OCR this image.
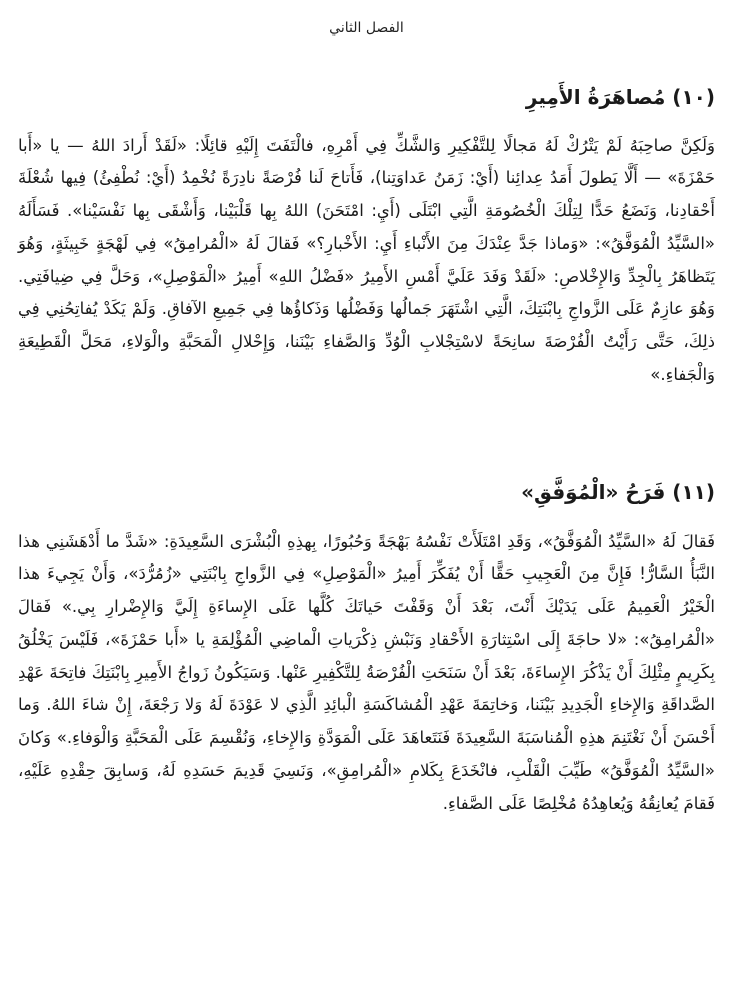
الفصل الثاني
(١٠) مُصاهَرَةُ الأَمِيرِ

وَلَكِنَّ صاحِبَهُ لَمْ يَتْرُكْ لَهُ مَجالًا لِلتَّفْكِيرِ وَالشَّكِّ فِي أَمْرِهِ، فالْتَفَتَ إِلَيْهِ قائِلًا: «لَقَدْ أَرادَ اللهُ — يا «أَبا حَمْزَةَ» — أَلَّا يَطولَ أَمَدُ عِدائِنا (أَيْ: زَمَنُ عَداوَتِنا)، فَأَتاحَ لَنا فُرْصَةً نادِرَةً نُخْمِدُ (أَيْ: نُطْفِئُ) فِيها شُعْلَةَ أَحْقادِنا، وَنَضَعُ حَدًّا لِتِلْكَ الْخُصُومَةِ الَّتِي ابْتَلَى (أَيِ: امْتَحَنَ) اللهُ بِها قَلْبَيْنا، وَأَشْقَى بِها نَفْسَيْنا». فَسَأَلَهُ «السَّيِّدُ الْمُوَفَّقُ»: «وَماذا جَدَّ عِنْدَكَ مِنَ الأَنْباءِ أَيِ: الأَخْبارِ؟» فَقالَ لَهُ «الْمُرامِقُ» فِي لَهْجَةٍ خَبِيثَةٍ، وَهُوَ يَتَظاهَرُ بِالْجِدِّ وَالإِخْلاصِ: «لَقَدْ وَفَدَ عَلَيَّ أَمْسِ الأَمِيرُ «فَضْلُ اللهِ» أَمِيرُ «الْمَوْصِلِ»، وَحَلَّ فِي ضِيافَتِي. وَهُوَ عازِمٌ عَلَى الزَّواجِ بِابْنَتِكَ، الَّتِي اشْتَهَرَ جَمالُها وَفَضْلُها وَذَكاؤُها فِي جَمِيعِ الآفاقِ. وَلَمْ يَكَدْ يُفاتِحُنِي فِي ذلِكَ، حَتَّى رَأَيْتُ الْفُرْصَةَ سانِحَةً لاسْتِجْلابِ الْوُدِّ وَالصَّفاءِ بَيْنَنا، وَإِحْلالِ الْمَحَبَّةِ والْوَلاءِ، مَحَلَّ الْقَطِيعَةِ وَالْجَفاءِ.»

(١١) فَرَحُ «الْمُوَفَّقِ»

فَقالَ لَهُ «السَّيِّدُ الْمُوَفَّقُ»، وَقَدِ امْتَلَأَتْ نَفْسُهُ بَهْجَةً وَحُبُورًا، بِهذِهِ الْبُشْرَى السَّعِيدَةِ: «شَدَّ ما أَدْهَشَنِي هذا النَّبَأُ السَّارُّ! فَإِنَّ مِنَ الْعَجِيبِ حَقًّا أَنْ يُفَكِّرَ أَمِيرُ «الْمَوْصِلِ» فِي الزَّواجِ بِابْنَتِي «زُمُرُّدَ»، وَأَنْ يَجِيءَ هذا الْخَيْرُ الْعَمِيمُ عَلَى يَدَيْكَ أَنْتَ، بَعْدَ أَنْ وَقَفْتَ حَياتَكَ كُلَّها عَلَى الإِساءَةِ إِلَيَّ وَالإِضْرارِ بِي.» فَقالَ «الْمُرامِقُ»: «لا حاجَةَ إِلَى اسْتِثارَةِ الأَحْقادِ وَنَبْشِ ذِكْرَياتِ الْماضِي الْمُؤْلِمَةِ يا «أَبا حَمْزَةَ»، فَلَيْسَ يَخْلُقُ بِكَرِيمٍ مِثْلِكَ أَنْ يَذْكُرَ الإِساءَةَ، بَعْدَ أَنْ سَنَحَتِ الْفُرْصَةُ لِلتَّكْفِيرِ عَنْها. وَسَيَكُونُ زَواجُ الأَمِيرِ بِابْنَتِكَ فاتِحَةَ عَهْدِ الصَّداقَةِ وَالإِخاءِ الْجَدِيدِ بَيْنَنا، وَخاتِمَةَ عَهْدِ الْمُشاكَسَةِ الْبائِدِ الَّذِي لا عَوْدَةَ لَهُ وَلا رَجْعَةَ، إِنْ شاءَ اللهُ. وَما أَحْسَنَ أَنْ نَغْتَنِمَ هذِهِ الْمُناسَبَةَ السَّعِيدَةَ فَنَتَعاهَدَ عَلَى الْمَوَدَّةِ وَالإِخاءِ، وَنُقْسِمَ عَلَى الْمَحَبَّةِ وَالْوَفاءِ.» وَكانَ «السَّيِّدُ الْمُوَفَّقُ» طَيِّبَ الْقَلْبِ، فانْخَدَعَ بِكَلامِ «الْمُرامِقِ»، وَنَسِيَ قَدِيمَ حَسَدِهِ لَهُ، وَسابِقَ حِقْدِهِ عَلَيْهِ، فَقامَ يُعانِقُهُ وَيُعاهِدُهُ مُخْلِصًا عَلَى الصَّفاءِ.
